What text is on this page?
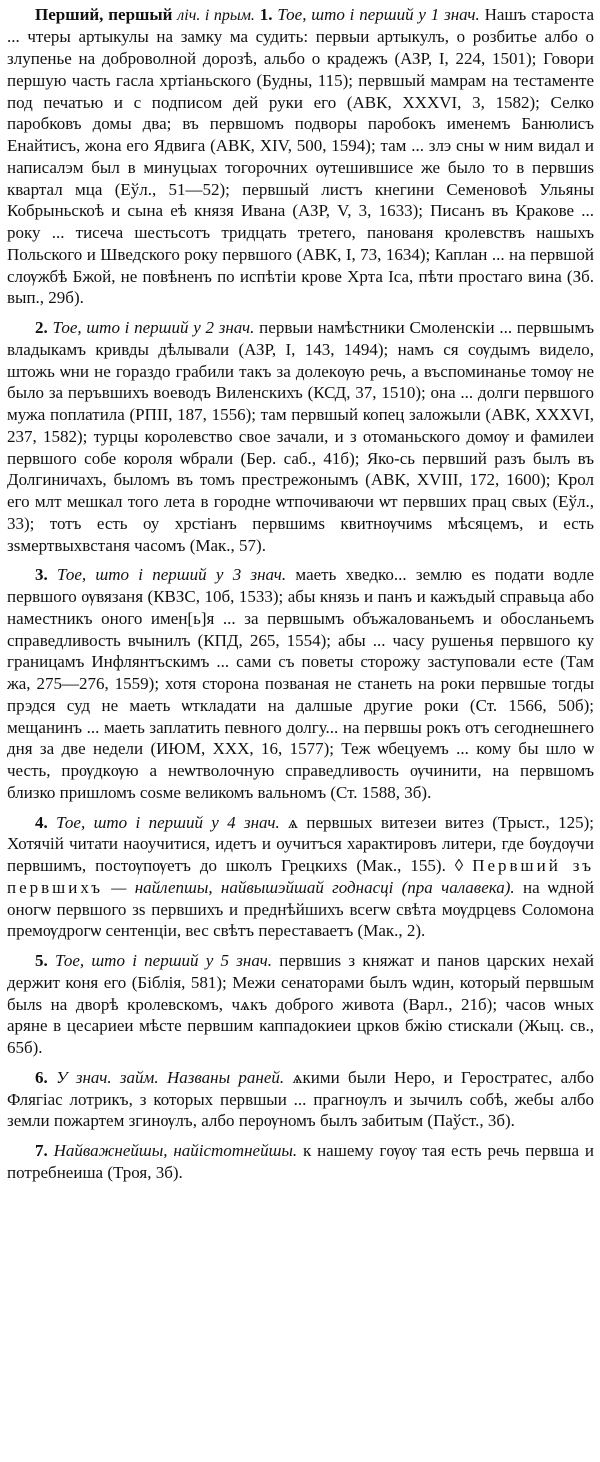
Перший, першый ліч. і прым. 1. Тое, што і перший у 1 знач. Нашъ староста ... чтеры артыкулы на замку ма судить: первыи артыкулъ, о розбитье албо о злупенье на доброволной дорозѣ, альбо о крадежъ (АЗР, I, 224, 1501); Говори першую часть гасла хртіаньского (Будны, 115); первшый мамрам на тестаменте под печатью и с подписом дей руки его (АВК, XXXVI, 3, 1582); Селко паробковъ домы два; въ первшомъ подворы паробокъ именемъ Банюлисъ Енайтисъ, жона его Ядвига (АВК, XIV, 500, 1594); там ... злэ сны ѡ ним видал и написалэм был в минуцыах тогорочних ѹтешившисе же было то в первшиѕ квартал мца (Еўл., 51—52); первшый листъ кнегини Семеновоѣ Ульяны Кобрыньскоѣ и сына еѣ князя Ивана (АЗР, V, 3, 1633); Писанъ въ Кракове ... року ... тисеча шестьсотъ тридцать третего, панованя кролевствъ нашыхъ Польского и Шведского року первшого (АВК, I, 73, 1634); Каплан ... на первшой слѹжбѣ Бжой, не повѣненъ по испѣтіи крове Хрта Іса, пѣти простаго вина (Зб. вып., 29б).

2. Тое, што і перший у 2 знач. первыи намѣстники Смоленскіи ... первшымъ владыкамъ кривды дѣлывали (АЗР, I, 143, 1494); намъ ся сѹдымъ видело, штожь ѡни не гораздо грабили такъ за долекѹю речь, а въспоминанье томѹ не было за перъвшихъ воеводъ Виленскихъ (КСД, 37, 1510); она ... долги первшого мужа поплатила (РПІІ, 187, 1556); там первшый копец заложыли (АВК, XXXVI, 237, 1582); турцы королевство свое зачали, и з отоманьского домѹ и фамилеи первшого собе короля ѡбрали (Бер. саб., 41б); Яко-сь первший разъ былъ въ Долгиничахъ, быломъ въ томъ престрежонымъ (АВК, XVIII, 172, 1600); Крол его млт мешкал того лета в городне ѡтпочиваючи ѡт первших прац свых (Еўл., 33); тотъ есть оу хрстіанъ первшимѕ квитнѹчимѕ мѣсяцемъ, и есть зѕмертвыхвстаня часомъ (Мак., 57).

3. Тое, што і перший у 3 знач. маеть хведко... землю еѕ подати водле первшого ѹвязаня (КВЗС, 10б, 1533); абы князь и панъ и кажъдый справьца або наместникъ оного имен[ь]я ... за первшымъ объжалованьемъ и обосланьемъ справедливость вчынилъ (КПД, 265, 1554); абы ... часу рушенья первшого ку границамъ Инфлянтъскимъ ... сами съ поветы сторожу заступовали есте (Там жа, 275—276, 1559); хотя сторона позваная не станеть на роки первшые тогды прэдся суд не маеть ѡткладати на далшые другие роки (Ст. 1566, 50б); мещанинъ ... маеть заплатить певного долгу... на первшы рокъ отъ сегоднешнего дня за две недели (ИЮМ, XXX, 16, 1577); Теж ѡбецуемъ ... кому бы шло ѡ честь, прѹдкѹю а неѡтволочную справедливость ѹчинити, на первшомъ близко пришломъ соѕме великомъ вальномъ (Ст. 1588, 3б).

4. Тое, што і перший у 4 знач. ѧ первшых витезеи витез (Трыст., 125); Хотячій читати наоучитися, идетъ и оучитъся характировъ литери, где бѹдѹчи первшимъ, постѹпѹетъ до школъ Грецкихѕ (Мак., 155). ◊ Первший зъ первшихъ — найлепшы, найвышэйшай годнасці (пра чалавека). на ѡдной оногѡ первшого зѕ первшихъ и преднѣйшихъ всегѡ свѣта мѹдрцевѕ Соломона премѹдрогѡ сентенціи, вес свѣтъ переставаетъ (Мак., 2).

5. Тое, што і перший у 5 знач. первшиѕ з княжат и панов царских нехай держит коня его (Біблія, 581); Межи сенаторами былъ ѡдин, который первшым былѕ на дворѣ кролевскомъ, чѧкъ доброго живота (Варл., 21б); часов ѡных аряне в цесариеи мѣсте первшим каппадокиеи цркoв бжію стискали (Жыц. св., 65б).

6. У знач. займ. Названы раней. ѧкими были Неро, и Геростратес, албо Флягіас лотрикъ, з которых первшыи ... прагнѹлъ и зычилъ собѣ, жебы албо земли пожартем згинѹлъ, албо перѹномъ былъ забитым (Паўст., 3б).

7. Найважнейшы, найістотнейшы. к нашему гѹѹ тая есть речь первша и потребнеиша (Троя, 3б).
